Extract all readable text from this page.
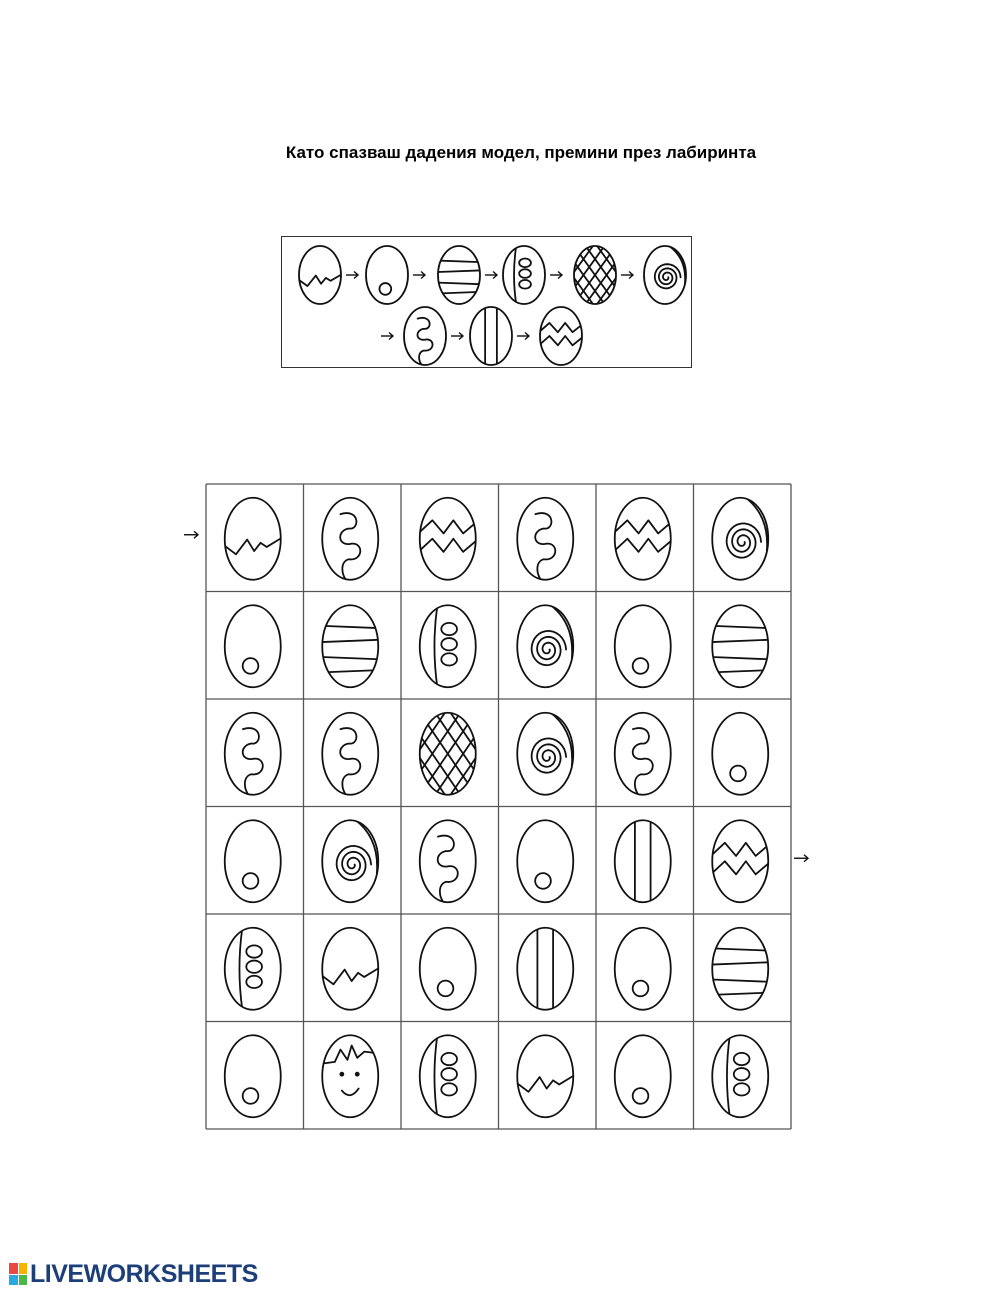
Като спазваш дадения модел, премини през лабиринта
LIVEWORKSHEETS
